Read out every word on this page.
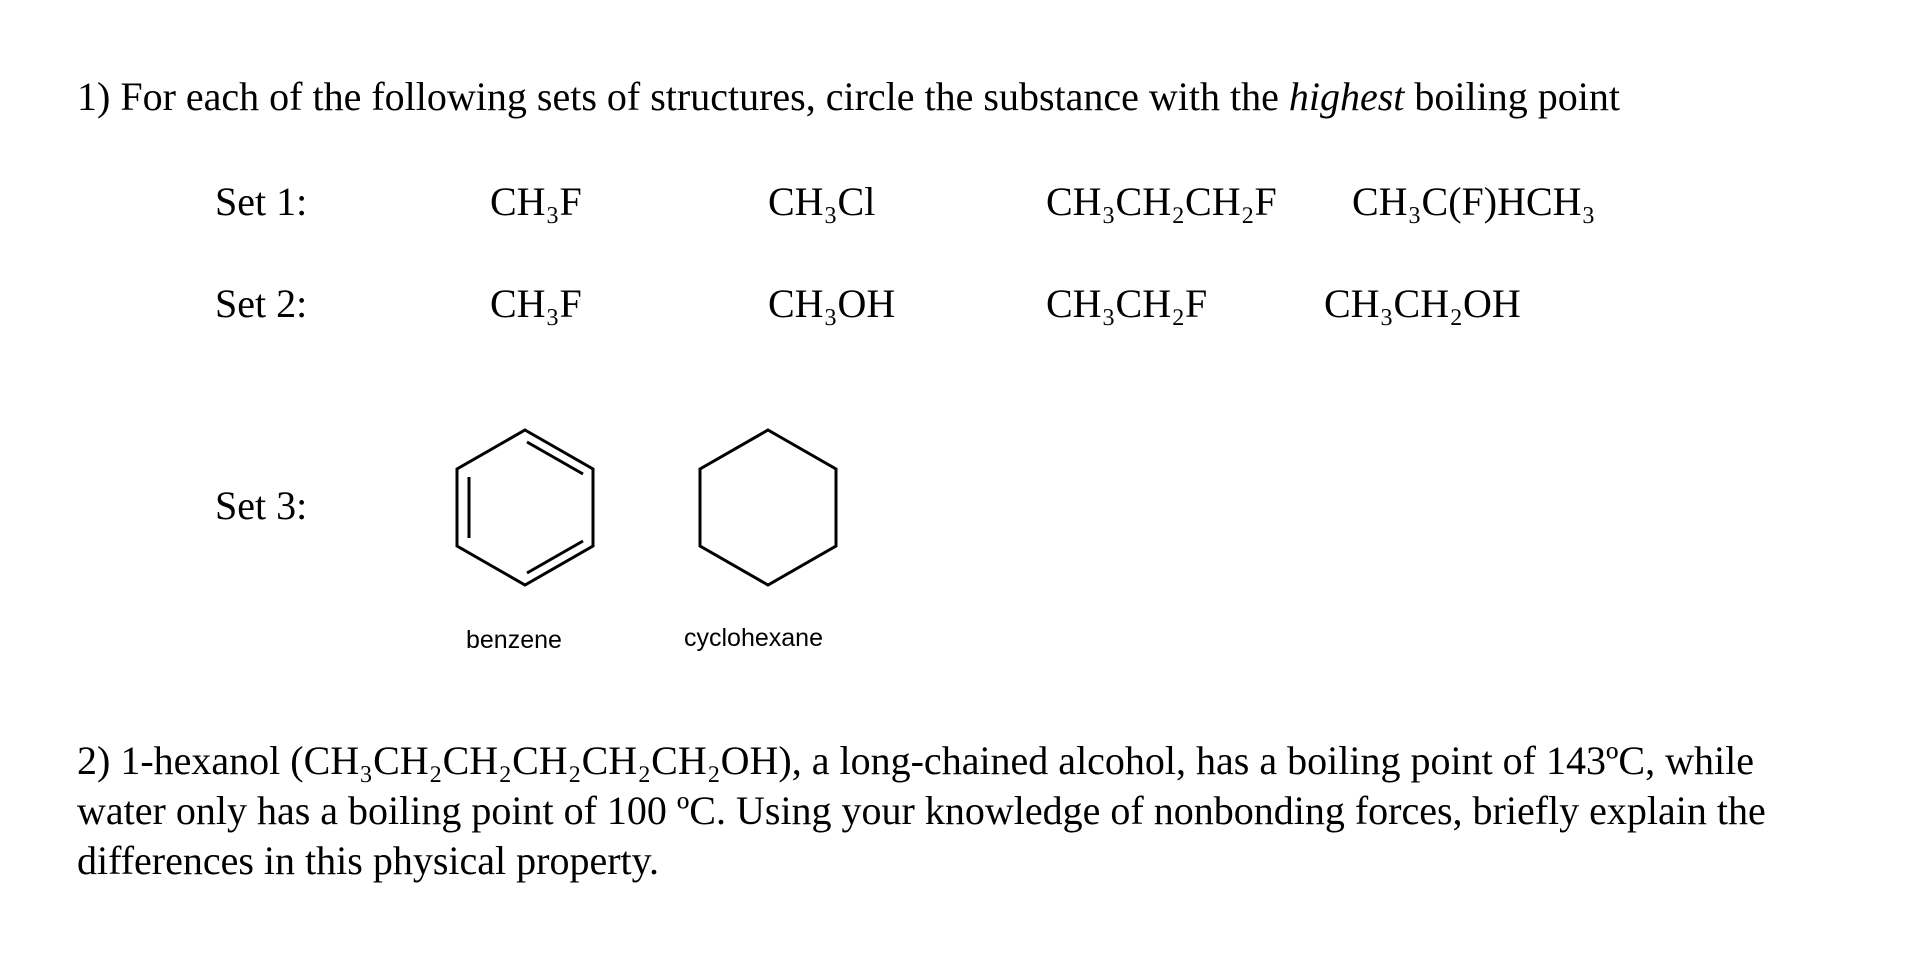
1) For each of the following sets of structures, circle the substance with the highest boiling point
Set 1:	CH₃F	CH₃Cl	CH₃CH₂CH₂F CH₃C(F)HCH₃
Set 2:	CH₃F	CH₃OH	CH₃CH₂F	CH₃CH₂OH
Set 3:
benzene	cyclohexane
2) 1-hexanol (CH₃CH₂CH₂CH₂CH₂CH₂OH), a long-chained alcohol, has a boiling point of 143ºC, while
water only has a boiling point of 100 ºC. Using your knowledge of nonbonding forces, briefly explain the
differences in this physical property.
